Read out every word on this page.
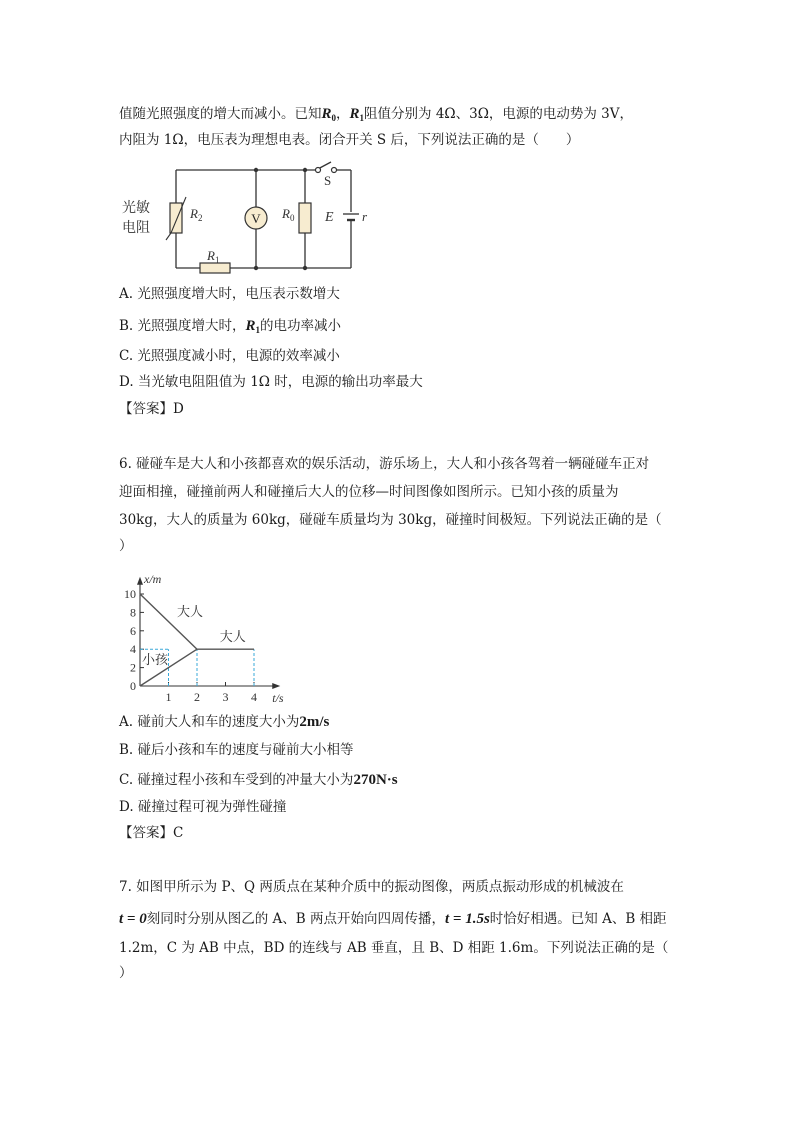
值随光照强度的增大而减小。已知$R_0$，$R_1$阻值分别为 4Ω、3Ω，电源的电动势为 3V，
内阻为 1Ω，电压表为理想电表。闭合开关 S 后，下列说法正确的是（　　）
V
光敏
电阻
$R_2$	$R_0$ E r
S
$R_1$
A. 光照强度增大时，电压表示数增大
B. 光照强度增大时，$R_1$的电功率减小
C. 光照强度减小时，电源的效率减小
D. 当光敏电阻阻值为 1Ω 时，电源的输出功率最大
【答案】D
6. 碰碰车是大人和小孩都喜欢的娱乐活动，游乐场上，大人和小孩各驾着一辆碰碰车正对
迎面相撞，碰撞前两人和碰撞后大人的位移—时间图像如图所示。已知小孩的质量为
30kg，大人的质量为 60kg，碰碰车质量均为 30kg，碰撞时间极短。下列说法正确的是（
）
x/m
t/s
0
2
4
6
8
10
1 2 3 4
大人
大人
小孩
A. 碰前大人和车的速度大小为2m/s
B. 碰后小孩和车的速度与碰前大小相等
C. 碰撞过程小孩和车受到的冲量大小为270N·s
D. 碰撞过程可视为弹性碰撞
【答案】C
7. 如图甲所示为 P、Q 两质点在某种介质中的振动图像，两质点振动形成的机械波在
t = 0刻同时分别从图乙的 A、B 两点开始向四周传播，t = 1.5s时恰好相遇。已知 A、B 相距
1.2m，C 为 AB 中点，BD 的连线与 AB 垂直，且 B、D 相距 1.6m。下列说法正确的是（
）
